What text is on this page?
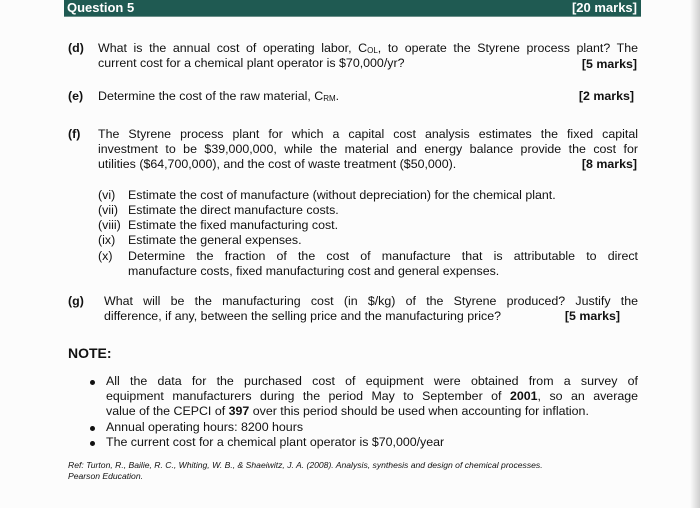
Question 5	[20 marks]
(d) What is the annual cost of operating labor, $C_{OL}$, to operate the Styrene process plant? The
current cost for a chemical plant operator is $70,000/yr?	[5 marks]
(e) Determine the cost of the raw material, $C_{RM}$.	[2 marks]
(f) The Styrene process plant for which a capital cost analysis estimates the fixed capital
investment to be $39,000,000, while the material and energy balance provide the cost for
utilities ($64,700,000), and the cost of waste treatment ($50,000).	[8 marks]
(vi) Estimate the cost of manufacture (without depreciation) for the chemical plant.
(vii) Estimate the direct manufacture costs.
(viii) Estimate the fixed manufacturing cost.
(ix) Estimate the general expenses.
(x) Determine the fraction of the cost of manufacture that is attributable to direct
manufacture costs, fixed manufacturing cost and general expenses.
(g) What will be the manufacturing cost (in $/kg) of the Styrene produced? Justify the
difference, if any, between the selling price and the manufacturing price?	[5 marks]
NOTE:
All the data for the purchased cost of equipment were obtained from a survey of
equipment manufacturers during the period May to September of 2001, so an average
value of the CEPCI of 397 over this period should be used when accounting for inflation.
Annual operating hours: 8200 hours
The current cost for a chemical plant operator is $70,000/year
Ref: Turton, R., Bailie, R. C., Whiting, W. B., & Shaeiwitz, J. A. (2008). Analysis, synthesis and design of chemical processes.
Pearson Education.
